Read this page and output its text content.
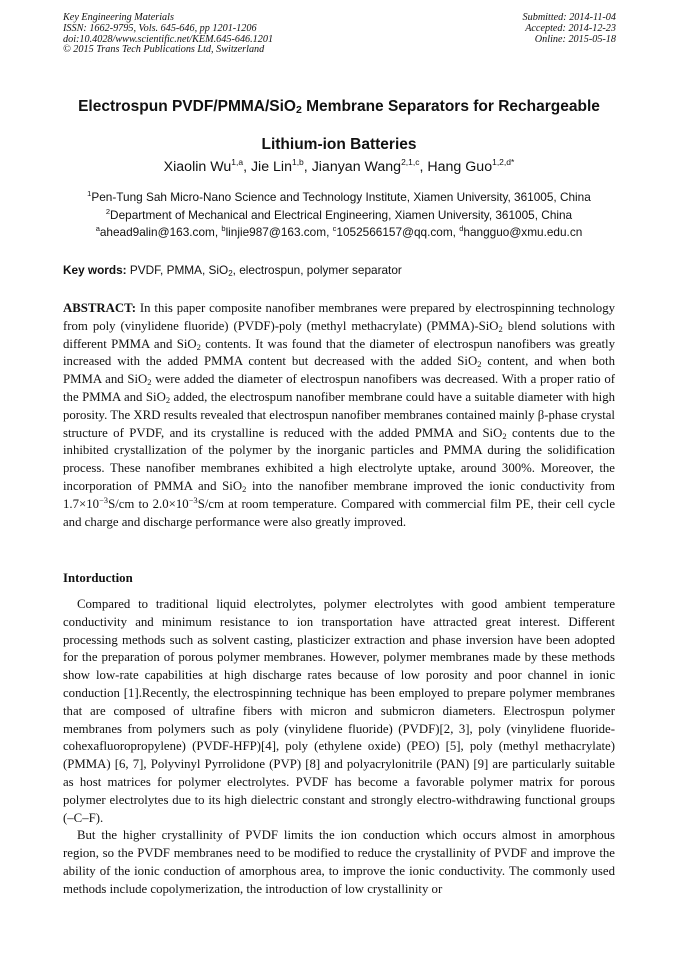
Key Engineering Materials
ISSN: 1662-9795, Vols. 645-646, pp 1201-1206
doi:10.4028/www.scientific.net/KEM.645-646.1201
© 2015 Trans Tech Publications Ltd, Switzerland
Submitted: 2014-11-04
Accepted: 2014-12-23
Online: 2015-05-18
Electrospun PVDF/PMMA/SiO$_2$ Membrane Separators for Rechargeable
Lithium-ion Batteries
Xiaolin Wu$^{1,a}$, Jie Lin$^{1,b}$, Jianyan Wang$^{2,1,c}$, Hang Guo$^{1,2,d*}$
$^1$Pen-Tung Sah Micro-Nano Science and Technology Institute, Xiamen University, 361005, China
$^2$Department of Mechanical and Electrical Engineering, Xiamen University, 361005, China
$^a$ahead9alin@163.com, $^b$linjie987@163.com, $^c$1052566157@qq.com, $^d$hangguo@xmu.edu.cn
Key words: PVDF, PMMA, SiO$_2$, electrospun, polymer separator
ABSTRACT: In this paper composite nanofiber membranes were prepared by electrospinning technology from poly (vinylidene fluoride) (PVDF)-poly (methyl methacrylate) (PMMA)-SiO$_2$ blend solutions with different PMMA and SiO$_2$ contents. It was found that the diameter of electrospun nanofibers was greatly increased with the added PMMA content but decreased with the added SiO$_2$ content, and when both PMMA and SiO$_2$ were added the diameter of electrospun nanofibers was decreased. With a proper ratio of the PMMA and SiO$_2$ added, the electrospum nanofiber membrane could have a suitable diameter with high porosity. The XRD results revealed that electrospun nanofiber membranes contained mainly β-phase crystal structure of PVDF, and its crystalline is reduced with the added PMMA and SiO$_2$ contents due to the inhibited crystallization of the polymer by the inorganic particles and PMMA during the solidification process. These nanofiber membranes exhibited a high electrolyte uptake, around 300%. Moreover, the incorporation of PMMA and SiO$_2$ into the nanofiber membrane improved the ionic conductivity from $1.7\times 10^{-3}S/cm$ to $2.0\times 10^{-3}S/cm$ at room temperature. Compared with commercial film PE, their cell cycle and charge and discharge performance were also greatly improved.
Intorduction

Compared to traditional liquid electrolytes, polymer electrolytes with good ambient temperature conductivity and minimum resistance to ion transportation have attracted great interest. Different processing methods such as solvent casting, plasticizer extraction and phase inversion have been adopted for the preparation of porous polymer membranes. However, polymer membranes made by these methods show low-rate capabilities at high discharge rates because of low porosity and poor channel in ionic conduction [1].Recently, the electrospinning technique has been employed to prepare polymer membranes that are composed of ultrafine fibers with micron and submicron diameters. Electrospun polymer membranes from polymers such as poly (vinylidene fluoride) (PVDF)[2, 3], poly (vinylidene fluoride-cohexafluoropropylene) (PVDF-HFP)[4], poly (ethylene oxide) (PEO) [5], poly (methyl methacrylate) (PMMA) [6, 7], Polyvinyl Pyrrolidone (PVP) [8] and polyacrylonitrile (PAN) [9] are particularly suitable as host matrices for polymer electrolytes. PVDF has become a favorable polymer matrix for porous polymer electrolytes due to its high dielectric constant and strongly electro-withdrawing functional groups (–C–F).

But the higher crystallinity of PVDF limits the ion conduction which occurs almost in amorphous region, so the PVDF membranes need to be modified to reduce the crystallinity of PVDF and improve the ability of the ionic conduction of amorphous area, to improve the ionic conductivity. The commonly used methods include copolymerization, the introduction of low crystallinity or
